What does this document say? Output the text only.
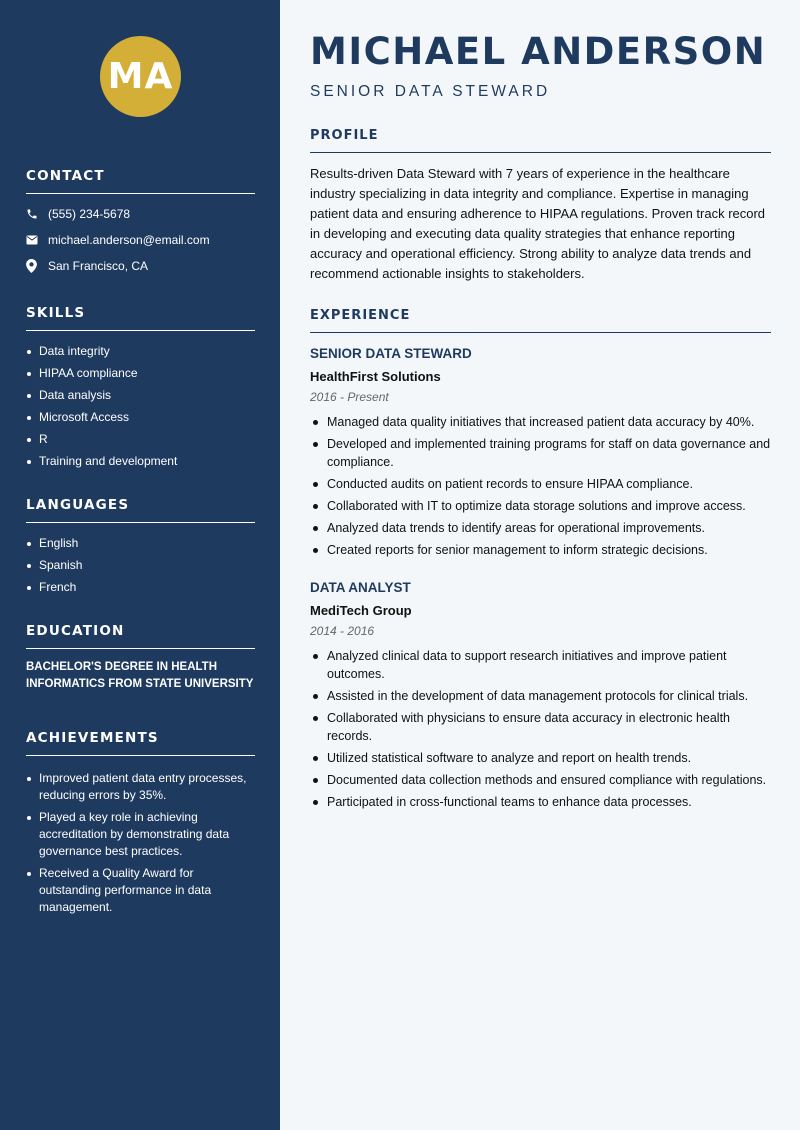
MA
CONTACT
(555) 234-5678
michael.anderson@email.com
San Francisco, CA
SKILLS
Data integrity
HIPAA compliance
Data analysis
Microsoft Access
R
Training and development
LANGUAGES
English
Spanish
French
EDUCATION
BACHELOR'S DEGREE IN HEALTH INFORMATICS FROM STATE UNIVERSITY
ACHIEVEMENTS
Improved patient data entry processes, reducing errors by 35%.
Played a key role in achieving accreditation by demonstrating data governance best practices.
Received a Quality Award for outstanding performance in data management.
MICHAEL ANDERSON
SENIOR DATA STEWARD
PROFILE

Results-driven Data Steward with 7 years of experience in the healthcare industry specializing in data integrity and compliance. Expertise in managing patient data and ensuring adherence to HIPAA regulations. Proven track record in developing and executing data quality strategies that enhance reporting accuracy and operational efficiency. Strong ability to analyze data trends and recommend actionable insights to stakeholders.

EXPERIENCE
SENIOR DATA STEWARD
HealthFirst Solutions
2016 - Present
Managed data quality initiatives that increased patient data accuracy by 40%.
Developed and implemented training programs for staff on data governance and compliance.
Conducted audits on patient records to ensure HIPAA compliance.
Collaborated with IT to optimize data storage solutions and improve access.
Analyzed data trends to identify areas for operational improvements.
Created reports for senior management to inform strategic decisions.
DATA ANALYST
MediTech Group
2014 - 2016
Analyzed clinical data to support research initiatives and improve patient outcomes.
Assisted in the development of data management protocols for clinical trials.
Collaborated with physicians to ensure data accuracy in electronic health records.
Utilized statistical software to analyze and report on health trends.
Documented data collection methods and ensured compliance with regulations.
Participated in cross-functional teams to enhance data processes.
